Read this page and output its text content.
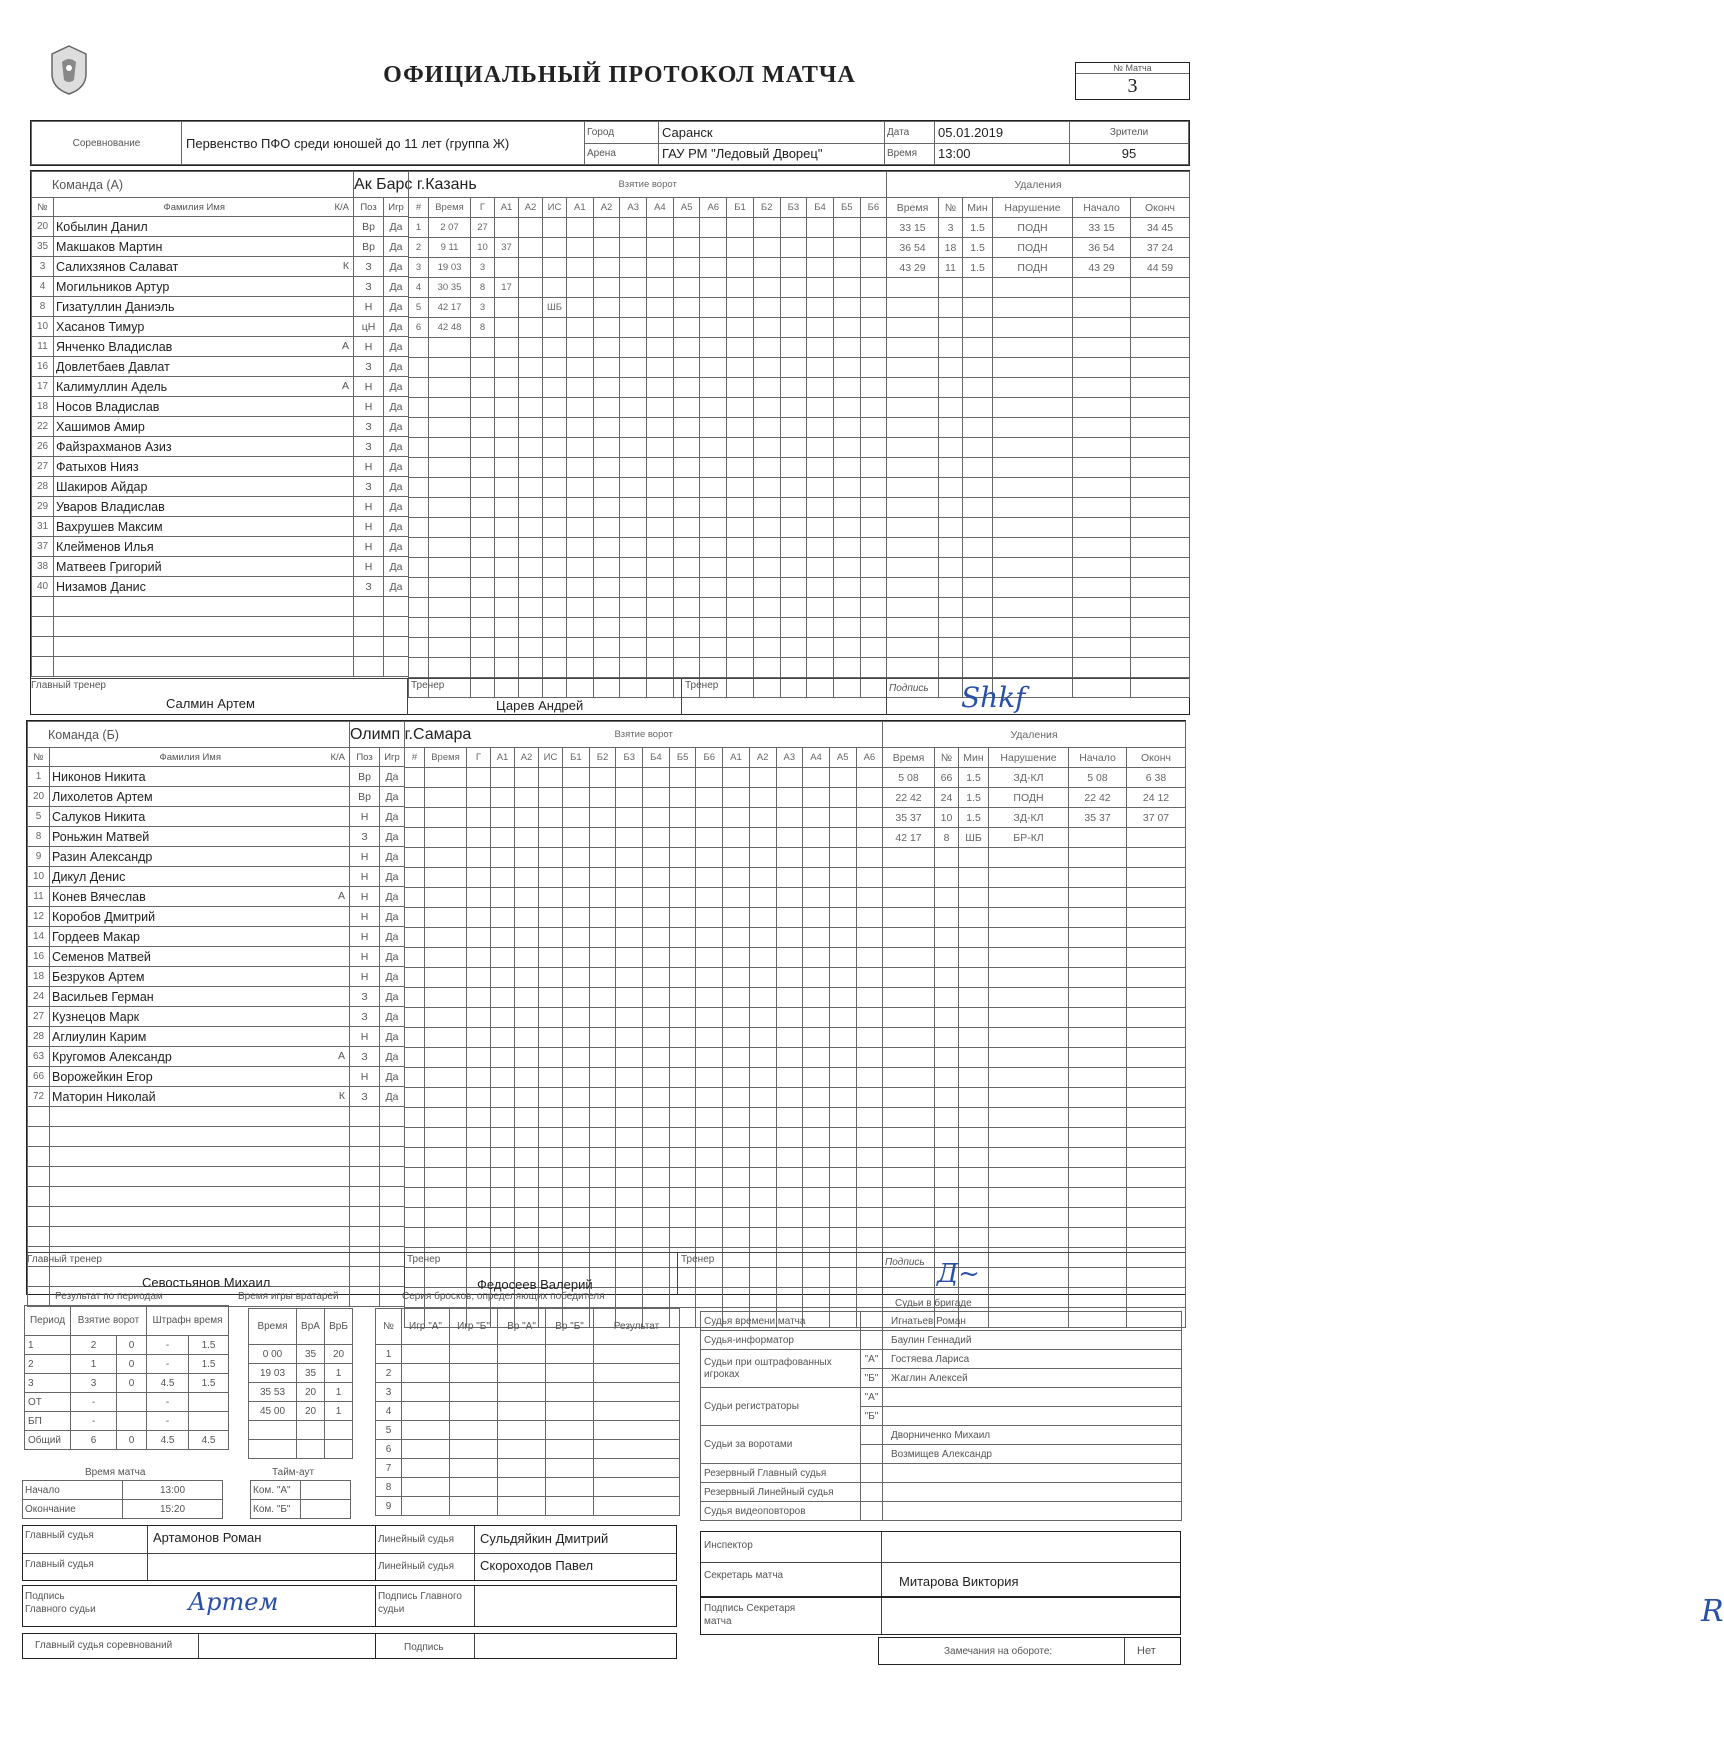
ОФИЦИАЛЬНЫЙ ПРОТОКОЛ МАТЧА	№ Матча
3
Соревнование	Первенство ПФО среди юношей до 11 лет (группа Ж)	Город	Саранск	Дата	05.01.2019	Зрители
		Арена	ГАУ РМ "Ледовый Дворец"	Время	13:00	95
Команда (А)		Ак Барс г.Казань	
№	Фамилия Имя К/А		Поз	Игр
20	Кобылин Данил		Вр	Да
35	Макшаков Мартин		Вр	Да
3	Салихзянов Салават К		З	Да
4	Могильников Артур		З	Да
8	Гизатуллин Даниэль		Н	Да
10	Хасанов Тимур		цН	Да
11	Янченко Владислав А		Н	Да
16	Довлетбаев Давлат		З	Да
17	Калимуллин Адель А		Н	Да
18	Носов Владислав		Н	Да
22	Хашимов Амир		З	Да
26	Файзрахманов Азиз		З	Да
27	Фатыхов Нияз		Н	Да
28	Шакиров Айдар		З	Да
29	Уваров Владислав		Н	Да
31	Вахрушев Максим		Н	Да
37	Клейменов Илья		Н	Да
38	Матвеев Григорий		Н	Да
40	Низамов Данис		З	Да

Взятие ворот																	
#	Время	Г	А1	А2	ИС	А1	А2	А3	А4	А5	А6	Б1	Б2	Б3	Б4	Б5	Б6
1	2 07	27															
2	9 11	10	37														
3	19 03	3															
4	30 35	8	17														
5	42 17	3			ШБ												
6	42 48	8															

Удаления					
Время	№	Мин	Нарушение	Начало	Оконч
33 15	3	1.5	ПОДН	33 15	34 45
36 54	18	1.5	ПОДН	36 54	37 24
43 29	11	1.5	ПОДН	43 29	44 59

Главный тренер
Салмин Артем
Тренер
Царев Андрей
Тренер	Подпись Shkf
Команда (Б)		Олимп г.Самара	
№	Фамилия Имя К/А		Поз	Игр
1	Никонов Никита		Вр	Да
20	Лихолетов Артем		Вр	Да
5	Салуков Никита		Н	Да
8	Роньжин Матвей		З	Да
9	Разин Александр		Н	Да
10	Дикул Денис		Н	Да
11	Конев Вячеслав А		Н	Да
12	Коробов Дмитрий		Н	Да
14	Гордеев Макар		Н	Да
16	Семенов Матвей		Н	Да
18	Безруков Артем		Н	Да
24	Васильев Герман		З	Да
27	Кузнецов Марк		З	Да
28	Аглиулин Карим		Н	Да
63	Кругомов Александр А		З	Да
66	Ворожейкин Егор		Н	Да
72	Маторин Николай К		З	Да

Взятие ворот																	
#	Время	Г	А1	А2	ИС	Б1	Б2	Б3	Б4	Б5	Б6	А1	А2	А3	А4	А5	А6

Удаления					
Время	№	Мин	Нарушение	Начало	Оконч
5 08	66	1.5	ЗД-КЛ	5 08	6 38
22 42	24	1.5	ПОДН	22 42	24 12
35 37	10	1.5	ЗД-КЛ	35 37	37 07
42 17	8	ШБ	БР-КЛ		

Главный тренер
Севостьянов Михаил
Тренер
Федосеев Валерий
Тренер	Подпись Д~
Результат по периодам
Период	Взятие ворот		Штрафн время	
1	2	0	-	1.5
2	1	0	-	1.5
3	3	0	4.5	1.5
ОТ	-		-	
БП	-		-	
Общий	6	0	4.5	4.5
Время игры вратарей
Время	ВрА	ВрБ
0 00	35	20
19 03	35	1
35 53	20	1
45 00	20	1

Серия бросков, определяющих победителя
№	Игр "А"	Игр "Б"	Вр "А"	Вр "Б"	Результат
1					
2					
3					
4					
5					
6					
7					
8					
9					
Время матча
Начало	13:00
Окончание	15:20
Тайм-аут
Ком. "А"	
Ком. "Б"	
Главный судья	Артамонов Роман
Главный судья
Линейный судья Сульдяйкин Дмитрий
Линейный судья Скороходов Павел
Подпись Главного судьи	Артем	Подпись Главного судьи
Главный судья соревнований	Подпись
Судьи в бригаде
Судья времени матча		Игнатьев Роман
Судья-информатор		Баулин Геннадий
Судьи при оштрафованных игроках	"А"	Гостяева Лариса
	"Б"	Жаглин Алексей
Судьи регистраторы	"А"	
	"Б"	
Судьи за воротами		Дворниченко Михаил
		Возмищев Александр
Резервный Главный судья		
Резервный Линейный судья		
Судья видеоповторов		
Инспектор
Секретарь матча	Митарова Виктория
Подпись Секретаря матча	R
Замечания на обороте:	Нет
